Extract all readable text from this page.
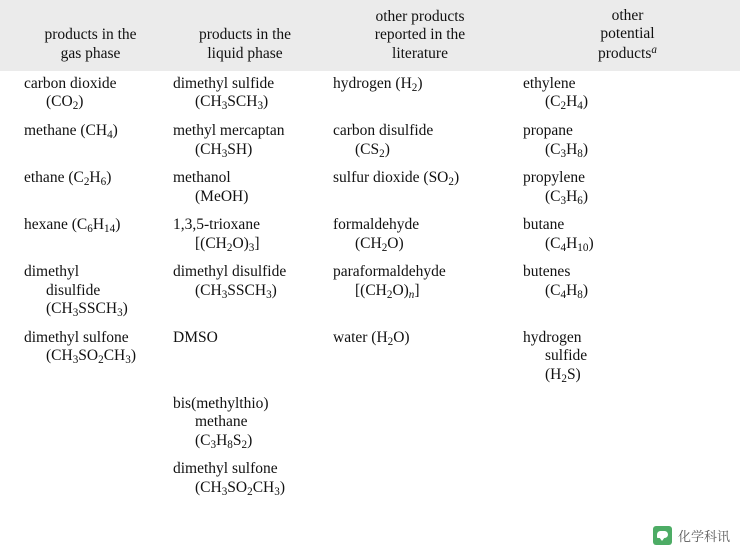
products in the
gas phase	products in the
liquid phase	other products
reported in the
literature	other
potential
products$^a$

carbon dioxide
$(CO_2)$	dimethyl sulfide
$(CH_3SCH_3)$	hydrogen $(H_2)$	ethylene
$(C_2H_4)$

methane $(CH_4)$	methyl mercaptan
$(CH_3SH)$	carbon disulfide
$(CS_2)$	propane
$(C_3H_8)$

ethane $(C_2H_6)$	methanol
(MeOH)	sulfur dioxide $(SO_2)$	propylene
$(C_3H_6)$

hexane $(C_6H_{14})$	1,3,5-trioxane
$[(CH_2O)_3]$	formaldehyde
$(CH_2O)$	butane
$(C_4H_{10})$

dimethyl
disulfide
$(CH_3SSCH_3)$	dimethyl disulfide
$(CH_3SSCH_3)$	paraformaldehyde
$[(CH_2O)_n]$	butenes
$(C_4H_8)$

dimethyl sulfone
$(CH_3SO_2CH_3)$	DMSO	water $(H_2O)$	hydrogen
sulfide
$(H_2S)$

	bis(methylthio)
methane
$(C_3H_8S_2)$		

	dimethyl sulfone
$(CH_3SO_2CH_3)$		

化学科讯
